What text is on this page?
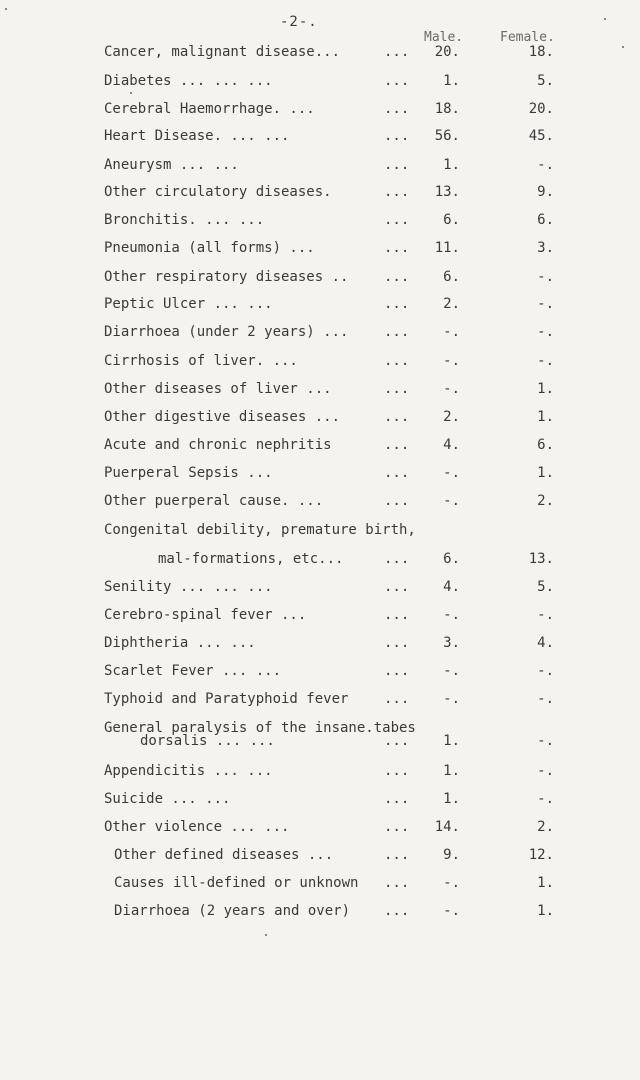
-2-.
Male.	Female.
Cancer, malignant disease...	...	20.	18.
Diabetes ... ... ...	...	1.	5.
Cerebral Haemorrhage. ...	...	18.	20.
Heart Disease. ... ...	...	56.	45.
Aneurysm ... ...	...	1.	-.
Other circulatory diseases.	...	13.	9.
Bronchitis. ... ...	...	6.	6.
Pneumonia (all forms) ...	...	11.	3.
Other respiratory diseases ..	...	6.	-.
Peptic Ulcer ... ...	...	2.	-.
Diarrhoea (under 2 years) ...	...	-.	-.
Cirrhosis of liver. ...	...	-.	-.
Other diseases of liver ...	...	-.	1.
Other digestive diseases ...	...	2.	1.
Acute and chronic nephritis	...	4.	6.
Puerperal Sepsis ...	...	-.	1.
Other puerperal cause. ...	...	-.	2.
Congenital debility, premature birth,
mal-formations, etc...	...	6.	13.
Senility ... ... ...	...	4.	5.
Cerebro-spinal fever ...	...	-.	-.
Diphtheria ... ...	...	3.	4.
Scarlet Fever ... ...	...	-.	-.
Typhoid and Paratyphoid fever	...	-.	-.
General paralysis of the insane.tabes
dorsalis ... ...	...	1.	-.
Appendicitis ... ...	...	1.	-.
Suicide ... ...	...	1.	-.
Other violence ... ...	...	14.	2.
Other defined diseases ...	...	9.	12.
Causes ill-defined or unknown ...	-.	1.
Diarrhoea (2 years and over) ...	-.	1.
